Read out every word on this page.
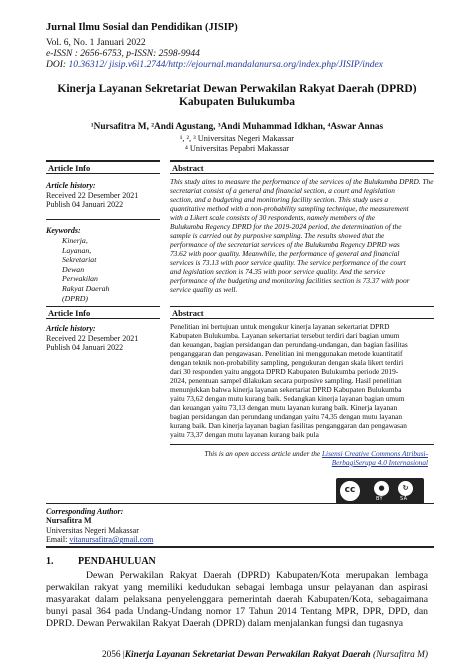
Jurnal Ilmu Sosial dan Pendidikan (JISIP)
Vol. 6, No. 1 Januari 2022
e-ISSN : 2656-6753, p-ISSN: 2598-9944
DOI: 10.36312/ jisip.v6i1.2744/http://ejournal.mandalanursa.org/index.php/JISIP/index
Kinerja Layanan Sekretariat Dewan Perwakilan Rakyat Daerah (DPRD)
Kabupaten Bulukumba
¹Nursafitra M, ²Andi Agustang, ³Andi Muhammad Idkhan, ⁴Aswar Annas
¹, ², ³ Universitas Negeri Makassar
⁴ Universitas Pepabri Makassar
Article Info	Abstract
Article history:
Received 22 Desember 2021
Publish 04 Januari 2022
Keywords:
Kinerja,
Layanan,
Sekretariat
Dewan
Perwakilan
Rakyat Daerah
(DPRD)
This study aims to measure the performance of the services of the Bulukumba DPRD. The
secretariat consist of a general and financial section, a court and legislation
section, and a budgeting and monitoring facility section. This study uses a
quantitative method with a non-probability sampling technique, the measurement
with a Likert scale consists of 30 respondents, namely members of the
Bulukumba Regency DPRD for the 2019-2024 period, the determination of the
sample is carried out by purposive sampling. The results showed that the
performance of the secretariat services of the Bulukumba Regency DPRD was
73.62 with poor quality. Meanwhile, the performance of general and financial
services is 73.13 with poor service quality. The service performance of the court
and legislation section is 74.35 with poor service quality. And the service
performance of the budgeting and monitoring facilities section is 73.37 with poor
service quality as well.
Article Info	Abstract
Article history:
Received 22 Desember 2021
Publish 04 Januari 2022
Penelitian ini bertujuan untuk mengukur kinerja layanan sekertariat DPRD
Kabupaten Bulukumba. Layanan sekertariat tersebut terdiri dari bagian umum
dan keuangan, bagian persidangan dan perundang-undangan, dan bagian fasilitas
penganggaran dan pengawasan. Penelitian ini menggunakan metode kuantitatif
dengan teknik non-probability sampling, pengukuran dengan skala likert terdiri
dari 30 responden yaitu anggota DPRD Kabupaten Bulukumba periode 2019-
2024, penentuan sampel dilakukan secara purposive sampling. Hasil penelitian
menunjukkan bahwa kinerja layanan sekertariat DPRD Kabupaten Bulukumba
yaitu 73,62 dengan mutu kurang baik. Sedangkan kinerja layanan bagian umum
dan keuangan yaitu 73,13 dengan mutu layanan kurang baik. Kinerja layanan
bagian persidangan dan perundang undangan yaitu 74,35 dengan mutu layanan
kurang baik. Dan kinerja layanan bagian fasilitas penganggaran dan pengawasan
yaitu 73,37 dengan mutu layanan kurang baik pula
This is an open access article under the Lisensi Creative Commons Atribusi-BerbagiSerupa 4.0 Internasional
cc	●	↻
BY	SA
Corresponding Author:
Nursafitra M
Universitas Negeri Makassar
Email: vitanursafitra@gmail.com
1. PENDAHULUAN
Dewan Perwakilan Rakyat Daerah (DPRD) Kabupaten/Kota merupakan lembaga perwakilan rakyat yang memiliki kedudukan sebagai lembaga unsur pelayanan dan aspirasi masyarakat dalam pelaksana penyelenggara pemerintah daerah Kabupaten/Kota, sebagaimana bunyi pasal 364 pada Undang-Undang nomor 17 Tahun 2014 Tentang MPR, DPR, DPD, dan DPRD. Dewan Perwakilan Rakyat Daerah (DPRD) dalam menjalankan fungsi dan tugasnya
2056 |Kinerja Layanan Sekretariat Dewan Perwakilan Rakyat Daerah (Nursafitra M)
